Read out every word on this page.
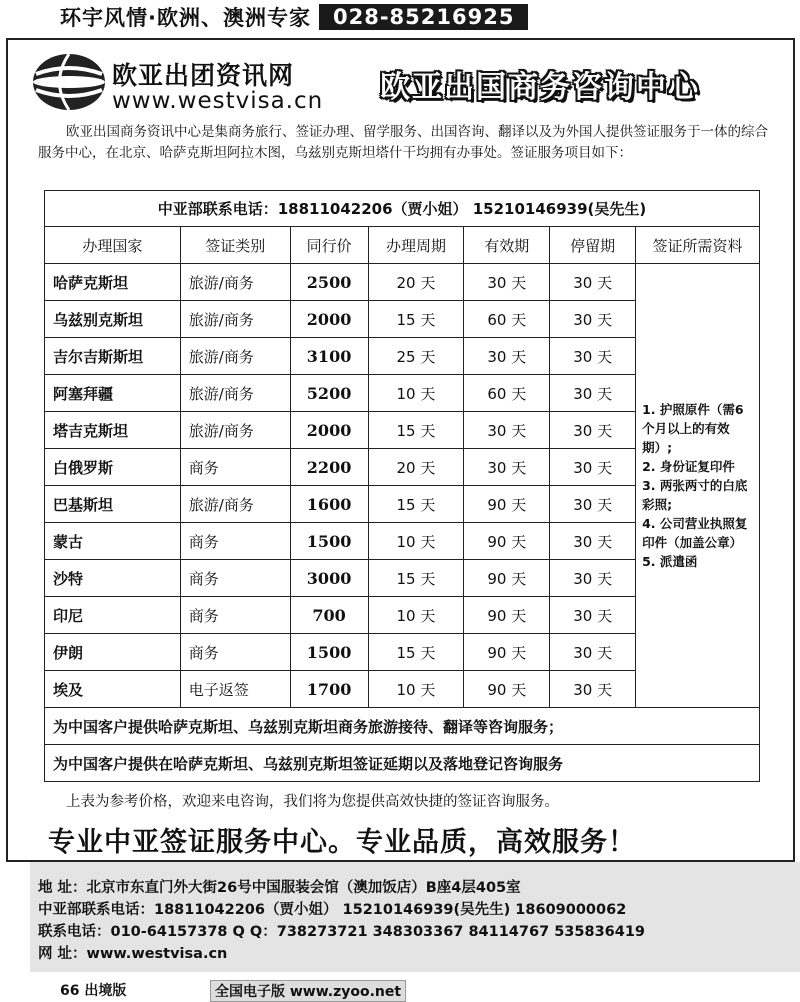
环宇风情·欧洲、澳洲专家	028-85216925
欧亚出团资讯网
www.westvisa.cn 欧亚出国商务咨询中心

欧亚出国商务资讯中心是集商务旅行、签证办理、留学服务、出国咨询、翻译以及为外国人提供签证服务于一体的综合服务中心，在北京、哈萨克斯坦阿拉木图，乌兹别克斯坦塔什干均拥有办事处。签证服务项目如下：

中亚部联系电话：18811042206（贾小姐） 15210146939(吴先生)						
办理国家	签证类别	同行价	办理周期	有效期	停留期	签证所需资料
哈萨克斯坦	旅游/商务	2500	20 天	30 天	30 天	1. 护照原件（需6个月以上的有效期）;
2. 身份证复印件
3. 两张两寸的白底彩照;
4. 公司营业执照复印件（加盖公章）
5. 派遣函

乌兹别克斯坦	旅游/商务	2000	15 天	60 天	30 天	
吉尔吉斯斯坦	旅游/商务	3100	25 天	30 天	30 天	
阿塞拜疆	旅游/商务	5200	10 天	60 天	30 天	
塔吉克斯坦	旅游/商务	2000	15 天	30 天	30 天	
白俄罗斯	商务	2200	20 天	30 天	30 天	
巴基斯坦	旅游/商务	1600	15 天	90 天	30 天	
蒙古	商务	1500	10 天	90 天	30 天	
沙特	商务	3000	15 天	90 天	30 天	
印尼	商务	700	10 天	90 天	30 天	
伊朗	商务	1500	15 天	90 天	30 天	
埃及	电子返签	1700	10 天	90 天	30 天	
为中国客户提供哈萨克斯坦、乌兹别克斯坦商务旅游接待、翻译等咨询服务；						
为中国客户提供在哈萨克斯坦、乌兹别克斯坦签证延期以及落地登记咨询服务						
上表为参考价格，欢迎来电咨询，我们将为您提供高效快捷的签证咨询服务。
专业中亚签证服务中心。专业品质，高效服务！
地 址：北京市东直门外大街26号中国服装会馆（澳加饭店）B座4层405室
中亚部联系电话：18811042206（贾小姐） 15210146939(吴先生) 18609000062
联系电话：010-64157378 Q Q：738273721 348303367 84114767 535836419
网 址：www.westvisa.cn
66 出境版	全国电子版 www.zyoo.net
